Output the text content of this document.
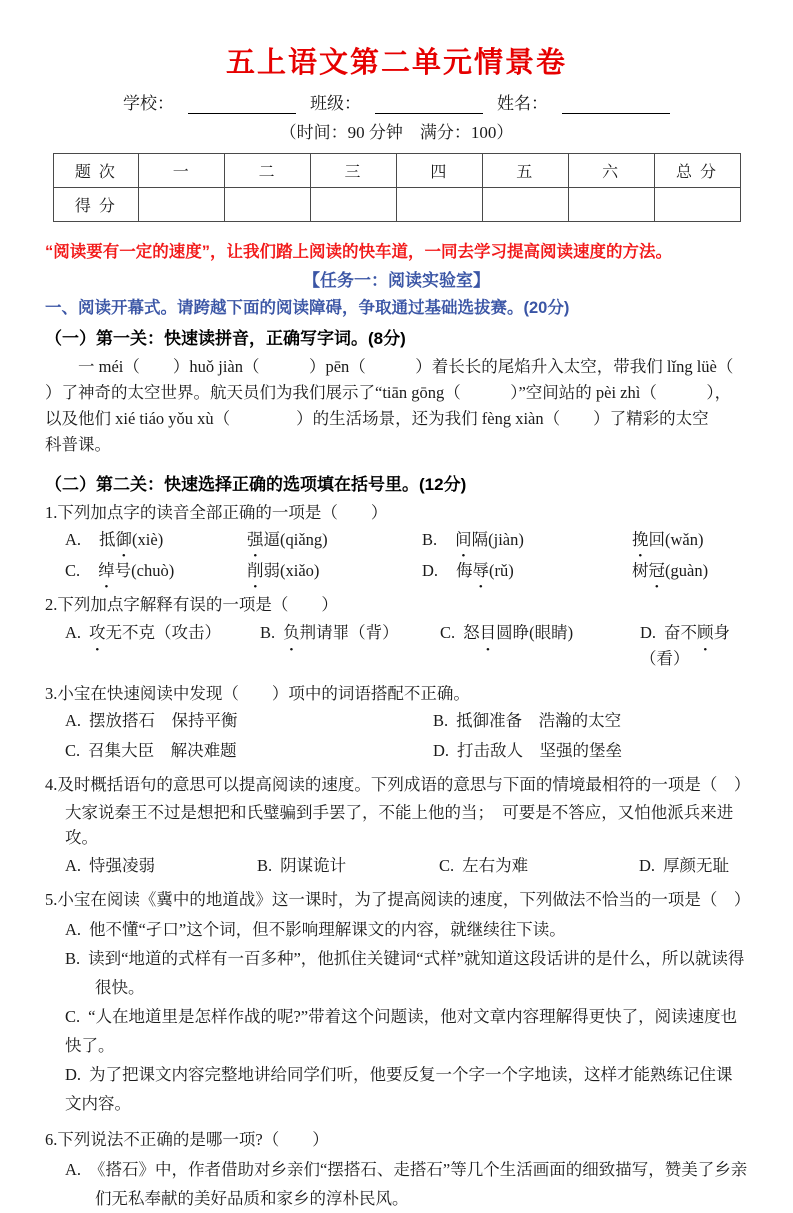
五上语文第二单元情景卷
学校：	班级：	姓名：
（时间：90 分钟　满分：100）
题 次	一	二	三	四	五	六	总 分
得 分							
“阅读要有一定的速度”，让我们踏上阅读的快车道，一同去学习提高阅读速度的方法。
【任务一：阅读实验室】
一、阅读开幕式。请跨越下面的阅读障碍，争取通过基础选拔赛。(20分)
（一）第一关：快速读拼音，正确写字词。(8分)
一 méi（　　）huǒ jiàn（　　　）pēn（　　　）着长长的尾焰升入太空，带我们 lǐng lüè（
）了神奇的太空世界。航天员们为我们展示了“tiān gōng（　　　）”空间站的 pèi zhì（　　　），
以及他们 xié tiáo yǒu xù（　　　　）的生活场景，还为我们 fèng xiàn（　　）了精彩的太空
科普课。
（二）第二关：快速选择正确的选项填在括号里。(12分)
1.下列加点字的读音全部正确的一项是（　　）
A. 抵御(xiè)	强逼(qiǎng)	B. 间隔(jiàn)	挽回(wǎn)
C. 绰号(chuò)	削弱(xiǎo)	D. 侮辱(rǔ)	树冠(guàn)
2.下列加点字解释有误的一项是（　　）
A. 攻无不克（攻击）	B. 负荆请罪（背）	C. 怒目圆睁(眼睛)	D. 奋不顾身（看）
3.小宝在快速阅读中发现（　　）项中的词语搭配不正确。
A. 摆放搭石　保持平衡	B. 抵御准备　浩瀚的太空
C. 召集大臣　解决难题	D. 打击敌人　坚强的堡垒
4.及时概括语句的意思可以提高阅读的速度。下列成语的意思与下面的情境最相符的一项是（　）
大家说秦王不过是想把和氏璧骗到手罢了，不能上他的当；　可要是不答应，又怕他派兵来进攻。
A. 恃强凌弱	B. 阴谋诡计	C. 左右为难	D. 厚颜无耻
5.小宝在阅读《冀中的地道战》这一课时，为了提高阅读的速度，下列做法不恰当的一项是（　）
A. 他不懂“孑口”这个词，但不影响理解课文的内容，就继续往下读。
B. 读到“地道的式样有一百多种”，他抓住关键词“式样”就知道这段话讲的是什么，所以就读得很快。
C. “人在地道里是怎样作战的呢?”带着这个问题读，他对文章内容理解得更快了，阅读速度也快了。
D. 为了把课文内容完整地讲给同学们听，他要反复一个字一个字地读，这样才能熟练记住课文内容。
6.下列说法不正确的是哪一项?（　　）
A. 《搭石》中，作者借助对乡亲们“摆搭石、走搭石”等几个生活画面的细致描写，赞美了乡亲们无私奉献的美好品质和家乡的淳朴民风。
